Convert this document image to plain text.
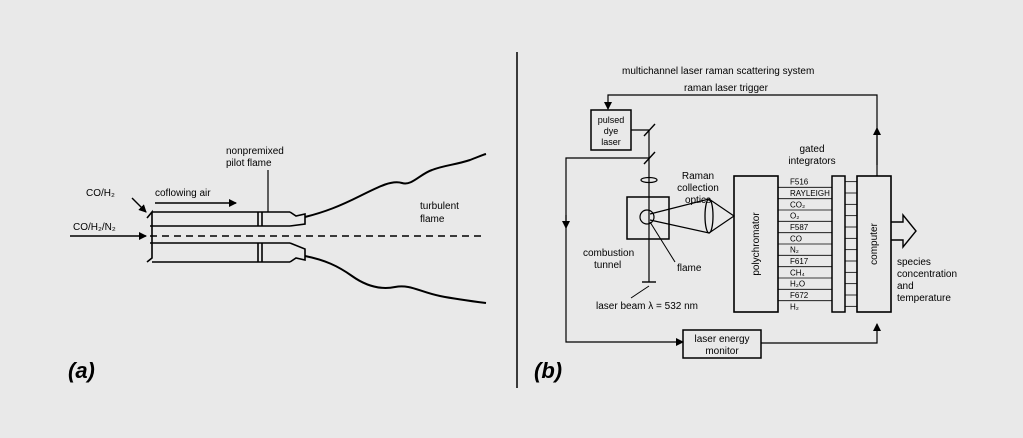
CO/H₂
CO/H₂/N₂
coflowing air
nonpremixed
pilot flame
turbulent
flame
(a)
multichannel laser raman scattering system
raman laser trigger
pulsed
dye
laser
combustion
tunnel	flame
laser beam λ = 532 nm
Raman
collection
optics
polychromator
F516
RAYLEIGH
CO₂
O₂
F587
CO
N₂
F617
CH₄
H₂O
F672
H₂
gated
integrators
computer species
concentration
and
temperature
laser energy
monitor
(b)
